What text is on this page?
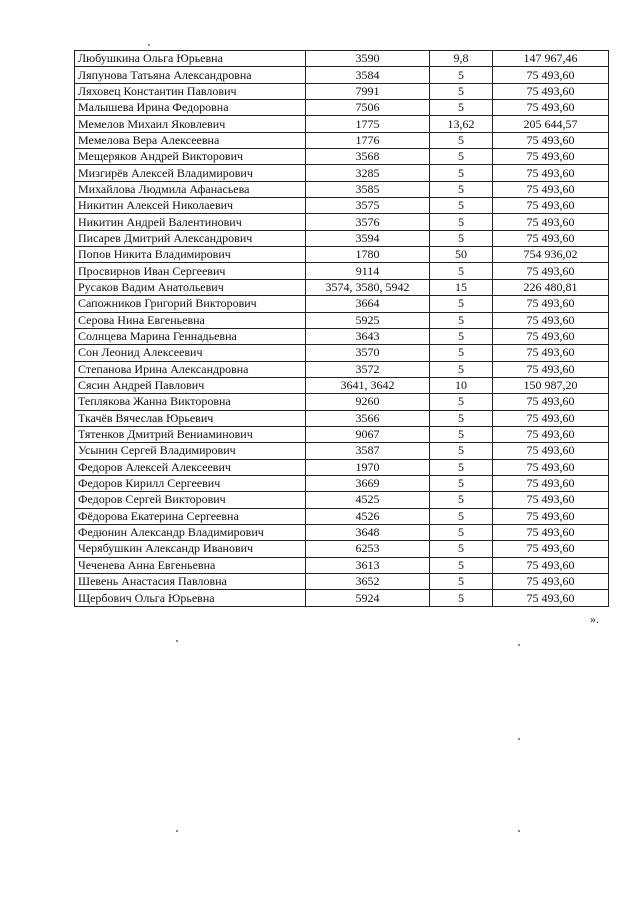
Любушкина Ольга Юрьевна	3590	9,8	147 967,46
Ляпунова Татьяна Александровна	3584	5	75 493,60
Ляховец Константин Павлович	7991	5	75 493,60
Малышева Ирина Федоровна	7506	5	75 493,60
Мемелов Михаил Яковлевич	1775	13,62	205 644,57
Мемелова Вера Алексеевна	1776	5	75 493,60
Мещеряков Андрей Викторович	3568	5	75 493,60
Мизгирёв Алексей Владимирович	3285	5	75 493,60
Михайлова Людмила Афанасьева	3585	5	75 493,60
Никитин Алексей Николаевич	3575	5	75 493,60
Никитин Андрей Валентинович	3576	5	75 493,60
Писарев Дмитрий Александрович	3594	5	75 493,60
Попов Никита Владимирович	1780	50	754 936,02
Просвирнов Иван Сергеевич	9114	5	75 493,60
Русаков Вадим Анатольевич	3574, 3580, 5942	15	226 480,81
Сапожников Григорий Викторович	3664	5	75 493,60
Серова Нина Евгеньевна	5925	5	75 493,60
Солнцева Марина Геннадьевна	3643	5	75 493,60
Сон Леонид Алексеевич	3570	5	75 493,60
Степанова Ирина Александровна	3572	5	75 493,60
Сясин Андрей Павлович	3641, 3642	10	150 987,20
Теплякова Жанна Викторовна	9260	5	75 493,60
Ткачёв Вячеслав Юрьевич	3566	5	75 493,60
Тятенков Дмитрий Вениаминович	9067	5	75 493,60
Усынин Сергей Владимирович	3587	5	75 493,60
Федоров Алексей Алексеевич	1970	5	75 493,60
Федоров Кирилл Сергеевич	3669	5	75 493,60
Федоров Сергей Викторович	4525	5	75 493,60
Фёдорова Екатерина Сергеевна	4526	5	75 493,60
Федюнин Александр Владимирович	3648	5	75 493,60
Черябушкин Александр Иванович	6253	5	75 493,60
Чеченева Анна Евгеньевна	3613	5	75 493,60
Шевень Анастасия Павловна	3652	5	75 493,60
Щербович Ольга Юрьевна	5924	5	75 493,60
».
